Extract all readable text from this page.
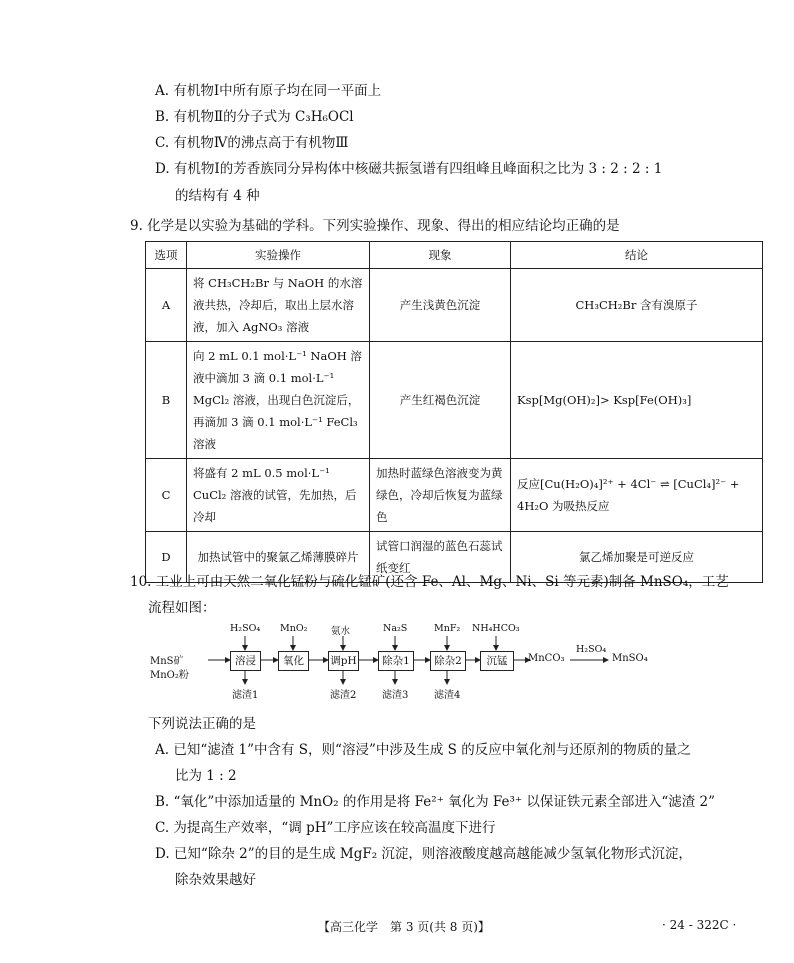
A. 有机物Ⅰ中所有原子均在同一平面上
B. 有机物Ⅱ的分子式为 C₃H₆OCl
C. 有机物Ⅳ的沸点高于有机物Ⅲ
D. 有机物Ⅰ的芳香族同分异构体中核磁共振氢谱有四组峰且峰面积之比为 3 : 2 : 2 : 1
的结构有 4 种
9. 化学是以实验为基础的学科。下列实验操作、现象、得出的相应结论均正确的是
选项	实验操作	现象	结论
A	将 CH₃CH₂Br 与 NaOH 的水溶液共热，冷却后，取出上层水溶液，加入 AgNO₃ 溶液	产生浅黄色沉淀	CH₃CH₂Br 含有溴原子
B	向 2 mL 0.1 mol·L⁻¹ NaOH 溶液中滴加 3 滴 0.1 mol·L⁻¹ MgCl₂ 溶液，出现白色沉淀后，再滴加 3 滴 0.1 mol·L⁻¹ FeCl₃ 溶液	产生红褐色沉淀	Ksp[Mg(OH)₂]> Ksp[Fe(OH)₃]
C	将盛有 2 mL 0.5 mol·L⁻¹ CuCl₂ 溶液的试管，先加热，后冷却	加热时蓝绿色溶液变为黄绿色，冷却后恢复为蓝绿色	反应[Cu(H₂O)₄]²⁺ + 4Cl⁻ ⇌ [CuCl₄]²⁻ + 4H₂O 为吸热反应
D	加热试管中的聚氯乙烯薄膜碎片	试管口润湿的蓝色石蕊试纸变红	氯乙烯加聚是可逆反应
10. 工业上可由天然二氧化锰粉与硫化锰矿(还含 Fe、Al、Mg、Ni、Si 等元素)制备 MnSO₄，工艺
流程如图：
MnS矿
MnO₂粉
H₂SO₄ MnO₂ 氨水	Na₂S	MnF₂ NH₄HCO₃
溶浸	氧化	调pH	除杂1	除杂2	沉锰
滤渣1	滤渣2	滤渣3	滤渣4
MnCO₃
H₂SO₄
MnSO₄
下列说法正确的是
A. 已知“滤渣 1”中含有 S，则“溶浸”中涉及生成 S 的反应中氧化剂与还原剂的物质的量之
比为 1 : 2
B. “氧化”中添加适量的 MnO₂ 的作用是将 Fe²⁺ 氧化为 Fe³⁺ 以保证铁元素全部进入“滤渣 2”
C. 为提高生产效率，“调 pH”工序应该在较高温度下进行
D. 已知“除杂 2”的目的是生成 MgF₂ 沉淀，则溶液酸度越高越能减少氢氧化物形式沉淀，
除杂效果越好
【高三化学　第 3 页(共 8 页)】	· 24 - 322C ·
